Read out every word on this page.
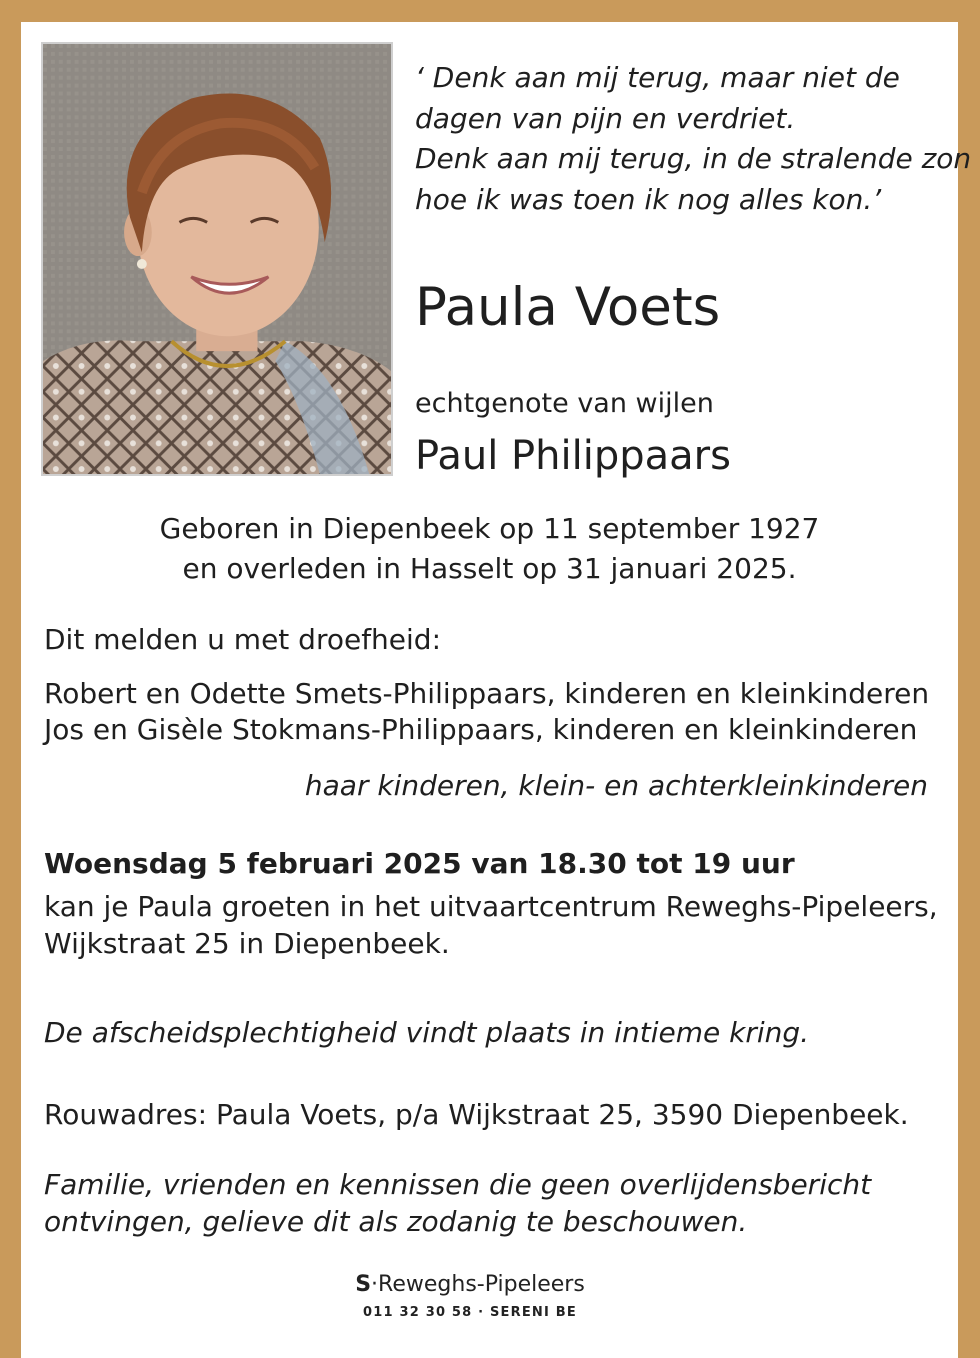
‘ Denk aan mij terug, maar niet de
dagen van pijn en verdriet.
Denk aan mij terug, in de stralende zon
hoe ik was toen ik nog alles kon.’
Paula Voets
echtgenote van wijlen
Paul Philippaars
Geboren in Diepenbeek op 11 september 1927
en overleden in Hasselt op 31 januari 2025.
Dit melden u met droefheid:
Robert en Odette Smets-Philippaars, kinderen en kleinkinderen
Jos en Gisèle Stokmans-Philippaars, kinderen en kleinkinderen
haar kinderen, klein- en achterkleinkinderen
Woensdag 5 februari 2025 van 18.30 tot 19 uur
kan je Paula groeten in het uitvaartcentrum Reweghs-Pipeleers,
Wijkstraat 25 in Diepenbeek.
De afscheidsplechtigheid vindt plaats in intieme kring.
Rouwadres: Paula Voets, p/a Wijkstraat 25, 3590 Diepenbeek.
Familie, vrienden en kennissen die geen overlijdensbericht
ontvingen, gelieve dit als zodanig te beschouwen.
S·Reweghs-Pipeleers
011 32 30 58 · SERENI BE
